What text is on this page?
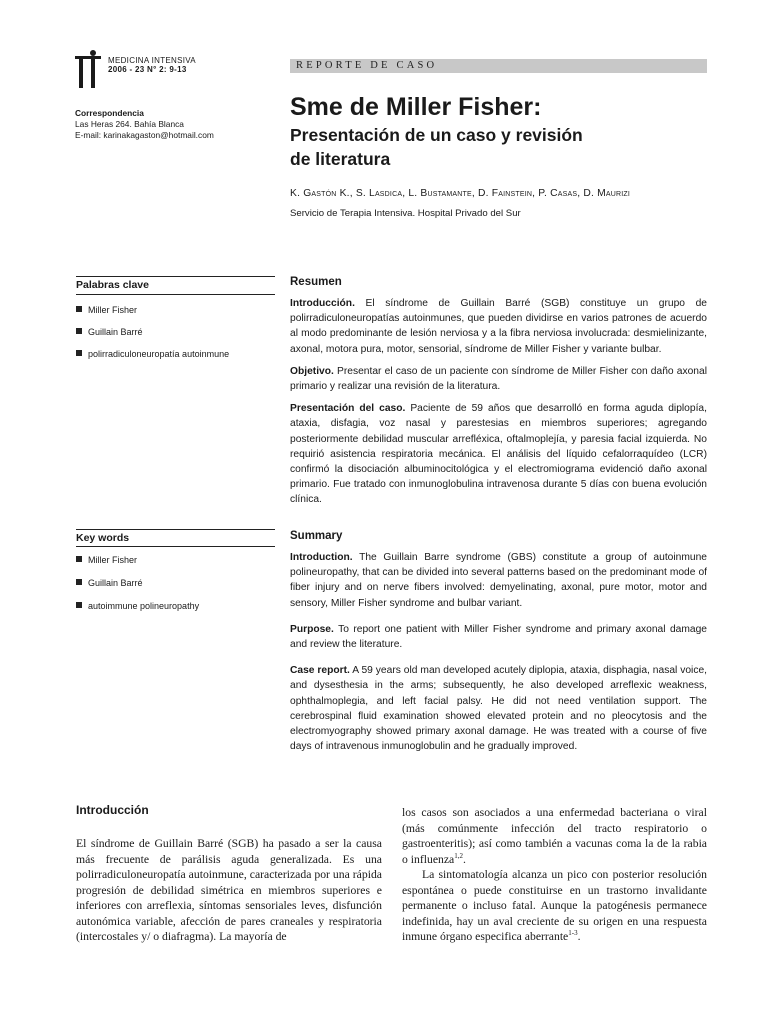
MEDICINA INTENSIVA
2006 - 23 N° 2: 9-13	REPORTE DE CASO
Correspondencia
Las Heras 264. Bahía Blanca
E-mail: karinakagaston@hotmail.com
Sme de Miller Fisher:
Presentación de un caso y revisión
de literatura
K. Gastón K., S. Lasdica, L. Bustamante, D. Fainstein, P. Casas, D. Maurizi
Servicio de Terapia Intensiva. Hospital Privado del Sur
Palabras clave
Miller Fisher
Guillain Barré
polirradiculoneuropatía autoinmune
Key words
Miller Fisher
Guillain Barré
autoimmune polineuropathy
Resumen

Introducción. El síndrome de Guillain Barré (SGB) constituye un grupo de polirradiculoneuropatías autoinmunes, que pueden dividirse en varios patrones de acuerdo al modo predominante de lesión nerviosa y a la fibra nerviosa involucrada: desmielinizante, axonal, motora pura, motor, sensorial, síndrome de Miller Fisher y variante bulbar.

Objetivo. Presentar el caso de un paciente con síndrome de Miller Fisher con daño axonal primario y realizar una revisión de la literatura.

Presentación del caso. Paciente de 59 años que desarrolló en forma aguda diplopía, ataxia, disfagia, voz nasal y parestesias en miembros superiores; agregando posteriormente debilidad muscular arrefléxica, oftalmoplejía, y paresia facial izquierda. No requirió asistencia respiratoria mecánica. El análisis del líquido cefalorraquídeo (LCR) confirmó la disociación albuminocitológica y el electromiograma evidenció daño axonal primario. Fue tratado con inmunoglobulina intravenosa durante 5 días con buena evolución clínica.

Summary

Introduction. The Guillain Barre syndrome (GBS) constitute a group of autoinmune polineuropathy, that can be divided into several patterns based on the predominant mode of fiber injury and on nerve fibers involved: demyelinating, axonal, pure motor, motor and sensory, Miller Fisher syndrome and bulbar variant.

Purpose. To report one patient with Miller Fisher syndrome and primary axonal damage and review the literature.

Case report. A 59 years old man developed acutely diplopia, ataxia, disphagia, nasal voice, and dysesthesia in the arms; subsequently, he also developed arreflexic weakness, ophthalmoplegia, and left facial palsy. He did not need ventilation support. The cerebrospinal fluid examination showed elevated protein and no pleocytosis and the electromyography showed primary axonal damage. He was treated with a course of five days of intravenous inmunoglobulin and he gradually improved.

Introducción

El síndrome de Guillain Barré (SGB) ha pasado a ser la causa más frecuente de parálisis aguda generalizada. Es una polirradiculoneuropatía autoinmune, caracterizada por una rápida progresión de debilidad simétrica en miembros superiores e inferiores con arreflexia, síntomas sensoriales leves, disfunción autonómica variable, afección de pares craneales y respiratoria (intercostales y/ o diafragma). La mayoría de

los casos son asociados a una enfermedad bacteriana o viral (más comúnmente infección del tracto respiratorio o gastroenteritis); así como también a vacunas coma la de la rabia o influenza$^{1,2}$.

La sintomatología alcanza un pico con posterior resolución espontánea o puede constituirse en un trastorno invalidante permanente o incluso fatal. Aunque la patogénesis permanece indefinida, hay un aval creciente de su origen en una respuesta inmune órgano especifica aberrante$^{1-3}$.
